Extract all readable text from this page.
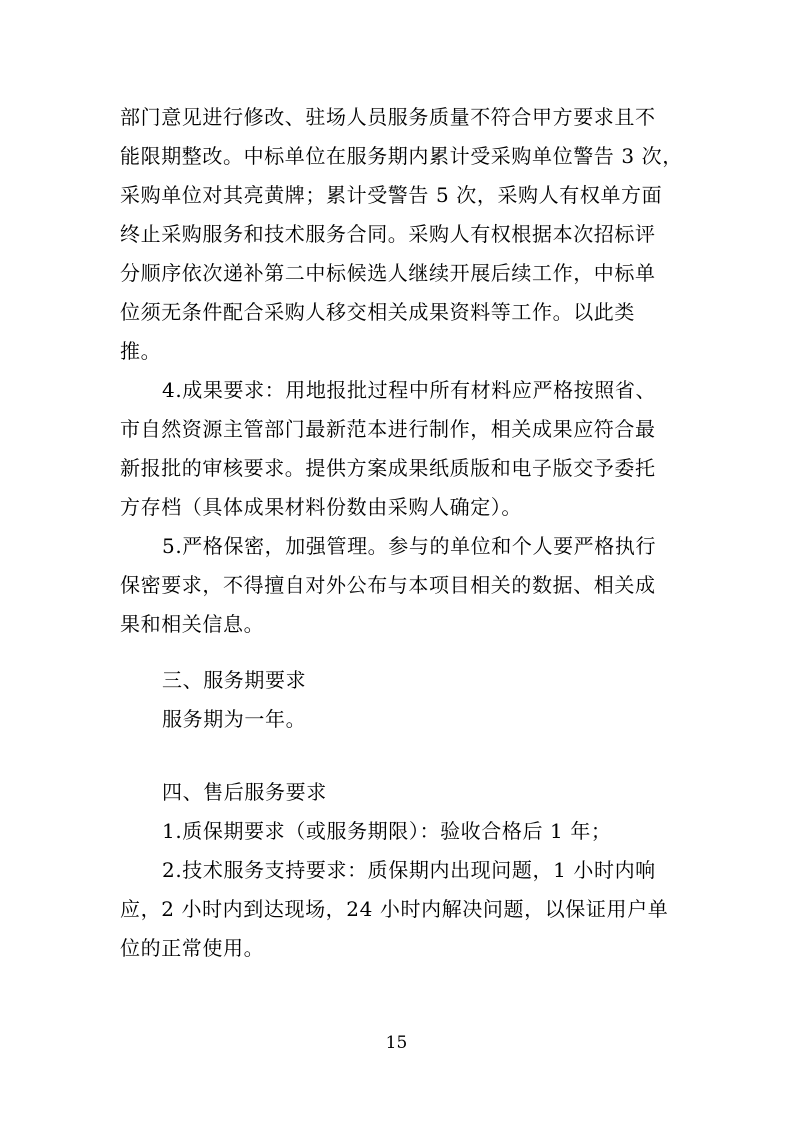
部门意见进行修改、驻场人员服务质量不符合甲方要求且不
能限期整改。中标单位在服务期内累计受采购单位警告 3 次，
采购单位对其亮黄牌；累计受警告 5 次，采购人有权单方面
终止采购服务和技术服务合同。采购人有权根据本次招标评
分顺序依次递补第二中标候选人继续开展后续工作，中标单
位须无条件配合采购人移交相关成果资料等工作。以此类
推。
4.成果要求：用地报批过程中所有材料应严格按照省、
市自然资源主管部门最新范本进行制作，相关成果应符合最
新报批的审核要求。提供方案成果纸质版和电子版交予委托
方存档（具体成果材料份数由采购人确定）。
5.严格保密，加强管理。参与的单位和个人要严格执行
保密要求，不得擅自对外公布与本项目相关的数据、相关成
果和相关信息。
三、服务期要求
服务期为一年。
四、售后服务要求
1.质保期要求（或服务期限）：验收合格后 1 年；
2.技术服务支持要求：质保期内出现问题，1 小时内响
应，2 小时内到达现场，24 小时内解决问题，以保证用户单
位的正常使用。
15
